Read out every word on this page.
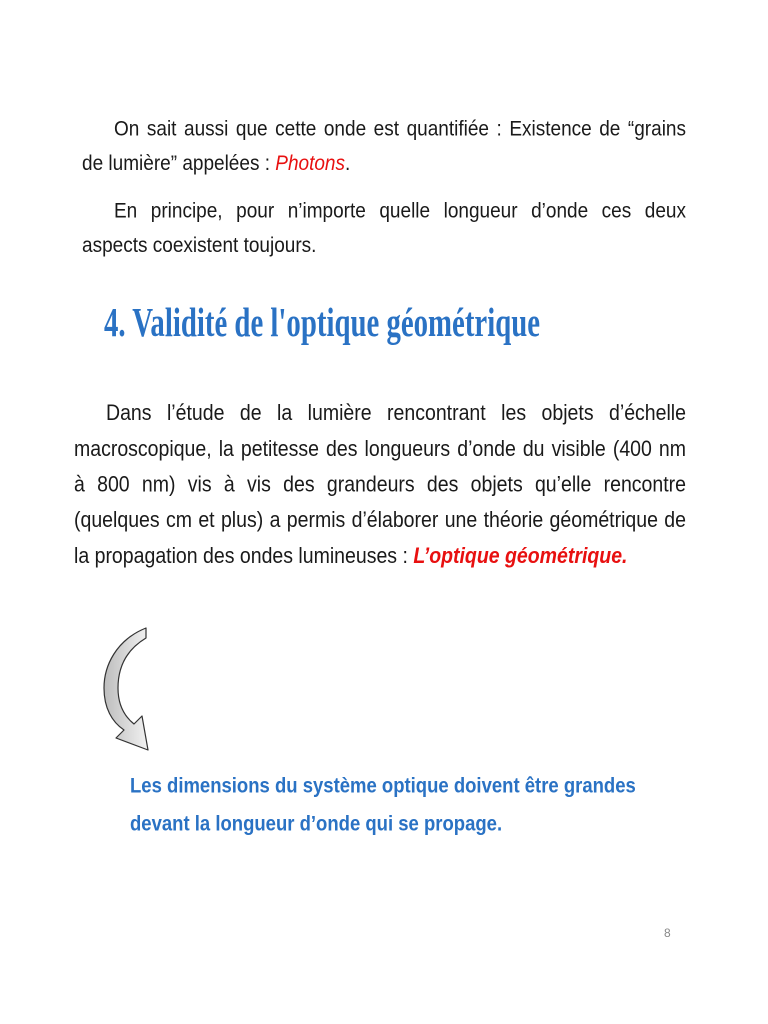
On sait aussi que cette onde est quantifiée : Existence de “grains de lumière” appelées : Photons.

En principe, pour n’importe quelle longueur d’onde ces deux aspects coexistent toujours.

4. Validité de l'optique géométrique

Dans l’étude de la lumière rencontrant les objets d’échelle macroscopique, la petitesse des longueurs d’onde du visible (400 nm à 800 nm) vis à vis des grandeurs des objets qu’elle rencontre (quelques cm et plus) a permis d’élaborer une théorie géométrique de la propagation des ondes lumineuses : L’optique géométrique.

Les dimensions du système optique doivent être grandes devant la longueur d’onde qui se propage.

8
